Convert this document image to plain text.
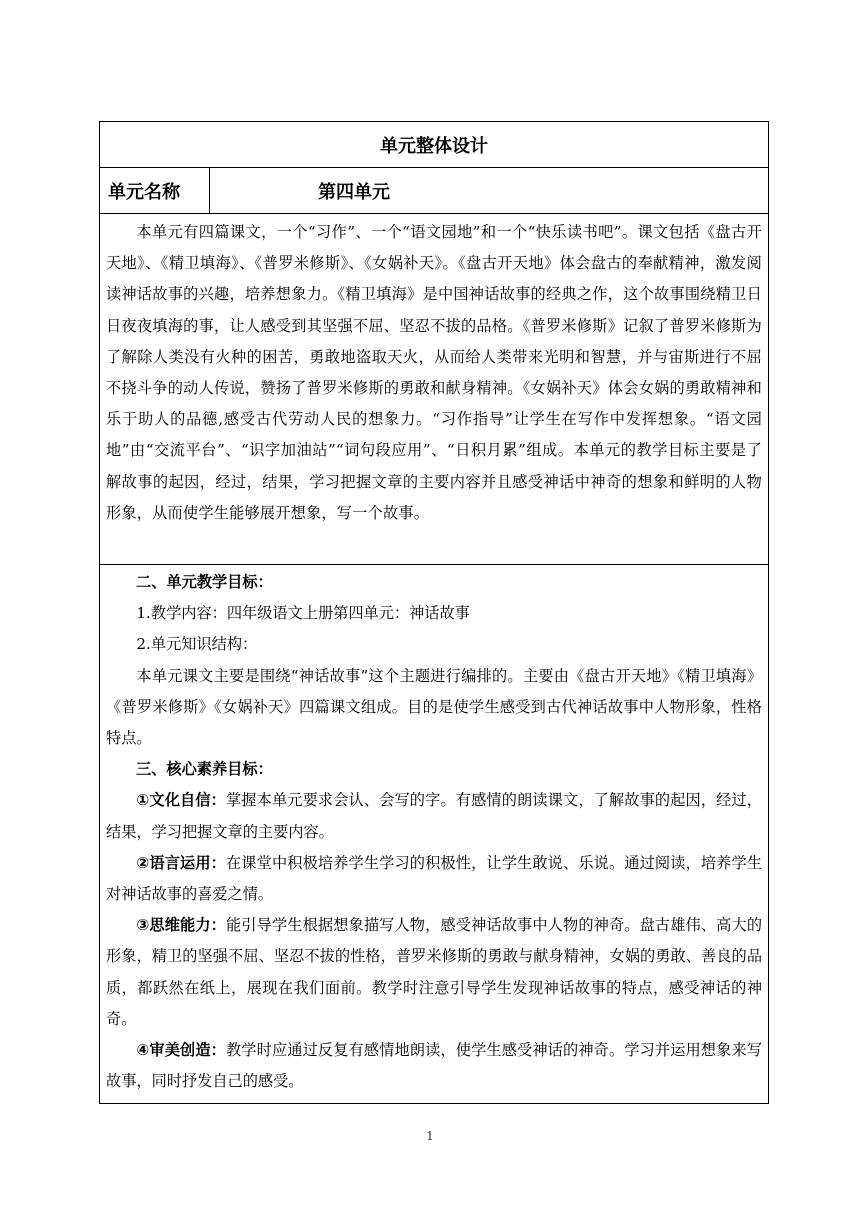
单元整体设计
单元名称	第四单元

本单元有四篇课文，一个“习作”、一个“语文园地”和一个“快乐读书吧”。课文包括《盘古开天地》、《精卫填海》、《普罗米修斯》、《女娲补天》。《盘古开天地》体会盘古的奉献精神，激发阅读神话故事的兴趣，培养想象力。《精卫填海》是中国神话故事的经典之作，这个故事围绕精卫日日夜夜填海的事，让人感受到其坚强不屈、坚忍不拔的品格。《普罗米修斯》记叙了普罗米修斯为了解除人类没有火种的困苦，勇敢地盗取天火，从而给人类带来光明和智慧，并与宙斯进行不屈不挠斗争的动人传说，赞扬了普罗米修斯的勇敢和献身精神。《女娲补天》体会女娲的勇敢精神和乐于助人的品德,感受古代劳动人民的想象力。“习作指导”让学生在写作中发挥想象。“语文园地”由“交流平台”、“识字加油站”“词句段应用”、“日积月累”组成。本单元的教学目标主要是了解故事的起因，经过，结果，学习把握文章的主要内容并且感受神话中神奇的想象和鲜明的人物形象，从而使学生能够展开想象，写一个故事。

二、单元教学目标：

1.教学内容：四年级语文上册第四单元：神话故事

2.单元知识结构：

本单元课文主要是围绕“神话故事”这个主题进行编排的。主要由《盘古开天地》《精卫填海》《普罗米修斯》《女娲补天》四篇课文组成。目的是使学生感受到古代神话故事中人物形象，性格特点。

三、核心素养目标：

①文化自信：掌握本单元要求会认、会写的字。有感情的朗读课文，了解故事的起因，经过，结果，学习把握文章的主要内容。

②语言运用：在课堂中积极培养学生学习的积极性，让学生敢说、乐说。通过阅读，培养学生对神话故事的喜爱之情。

③思维能力：能引导学生根据想象描写人物，感受神话故事中人物的神奇。盘古雄伟、高大的形象，精卫的坚强不屈、坚忍不拔的性格，普罗米修斯的勇敢与献身精神，女娲的勇敢、善良的品质，都跃然在纸上，展现在我们面前。教学时注意引导学生发现神话故事的特点，感受神话的神奇。

④审美创造：教学时应通过反复有感情地朗读，使学生感受神话的神奇。学习并运用想象来写故事，同时抒发自己的感受。

1
